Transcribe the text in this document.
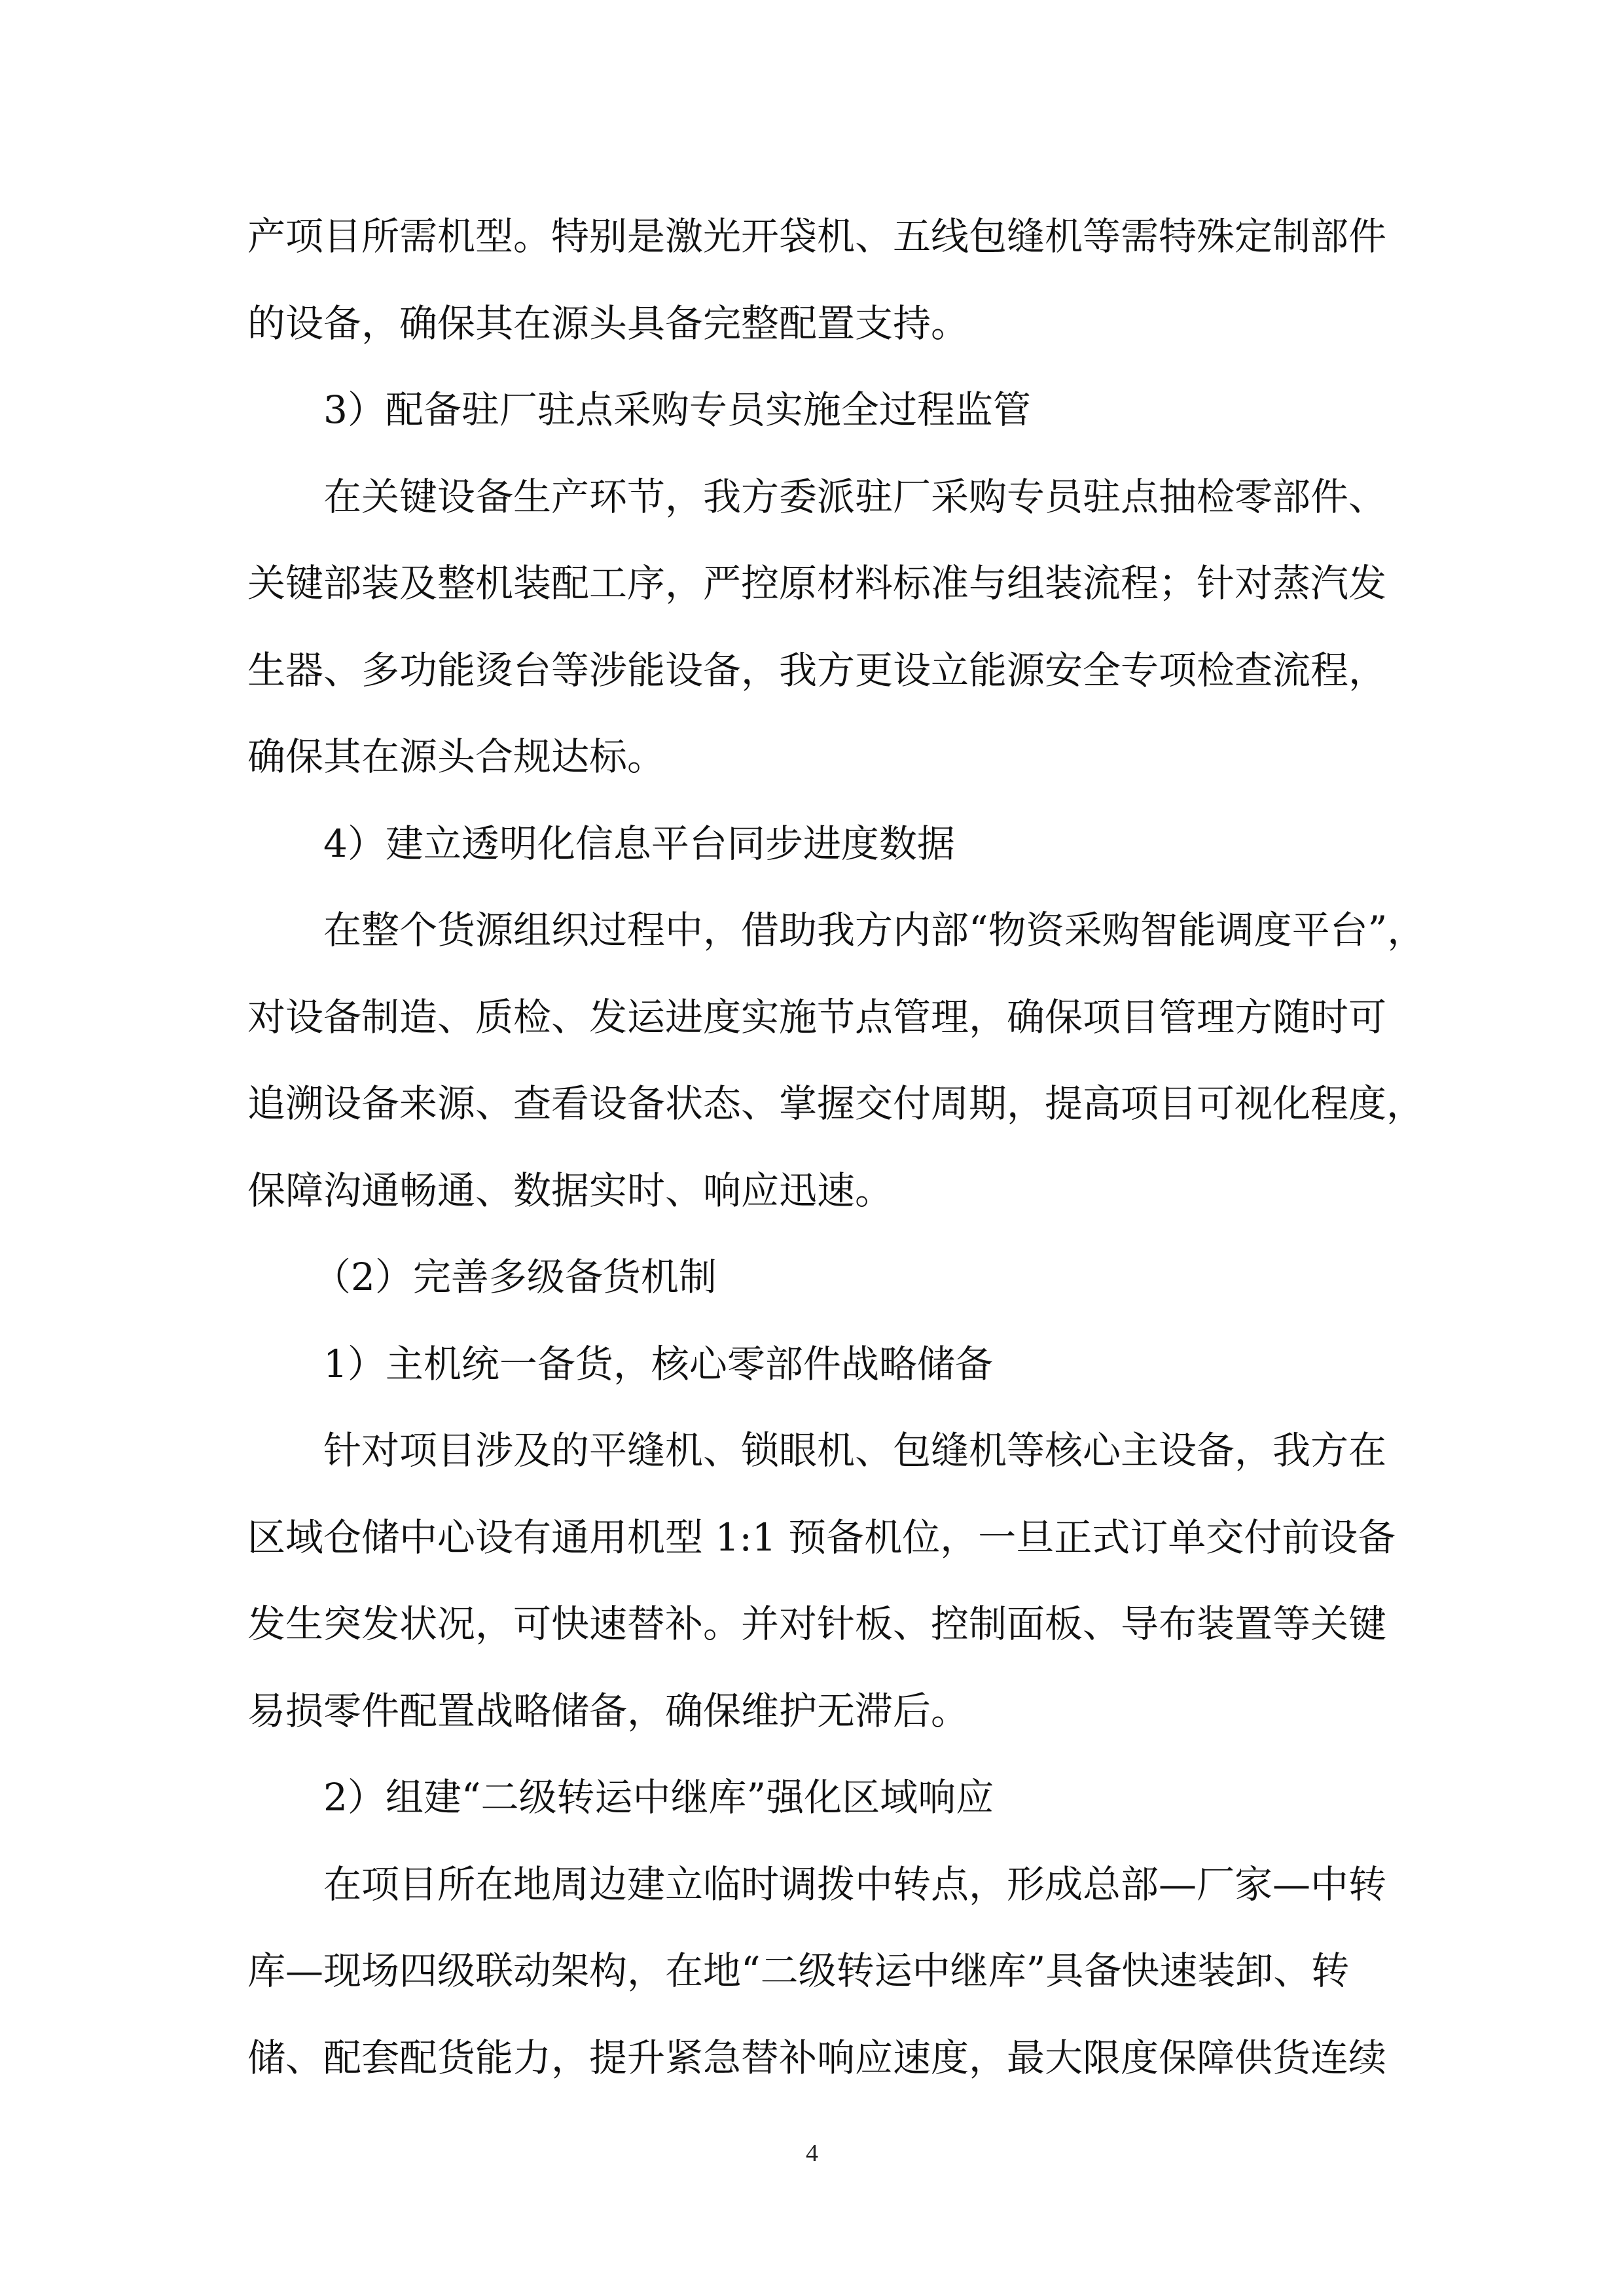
产项目所需机型。特别是激光开袋机、五线包缝机等需特殊定制部件
的设备，确保其在源头具备完整配置支持。
3）配备驻厂驻点采购专员实施全过程监管
在关键设备生产环节，我方委派驻厂采购专员驻点抽检零部件、
关键部装及整机装配工序，严控原材料标准与组装流程；针对蒸汽发
生器、多功能烫台等涉能设备，我方更设立能源安全专项检查流程，
确保其在源头合规达标。
4）建立透明化信息平台同步进度数据
在整个货源组织过程中，借助我方内部“物资采购智能调度平台”，
对设备制造、质检、发运进度实施节点管理，确保项目管理方随时可
追溯设备来源、查看设备状态、掌握交付周期，提高项目可视化程度，
保障沟通畅通、数据实时、响应迅速。
（2）完善多级备货机制
1）主机统一备货，核心零部件战略储备
针对项目涉及的平缝机、锁眼机、包缝机等核心主设备，我方在
区域仓储中心设有通用机型 1:1 预备机位，一旦正式订单交付前设备
发生突发状况，可快速替补。并对针板、控制面板、导布装置等关键
易损零件配置战略储备，确保维护无滞后。
2）组建“二级转运中继库”强化区域响应
在项目所在地周边建立临时调拨中转点，形成总部—厂家—中转
库—现场四级联动架构，在地“二级转运中继库”具备快速装卸、转
储、配套配货能力，提升紧急替补响应速度，最大限度保障供货连续
4
